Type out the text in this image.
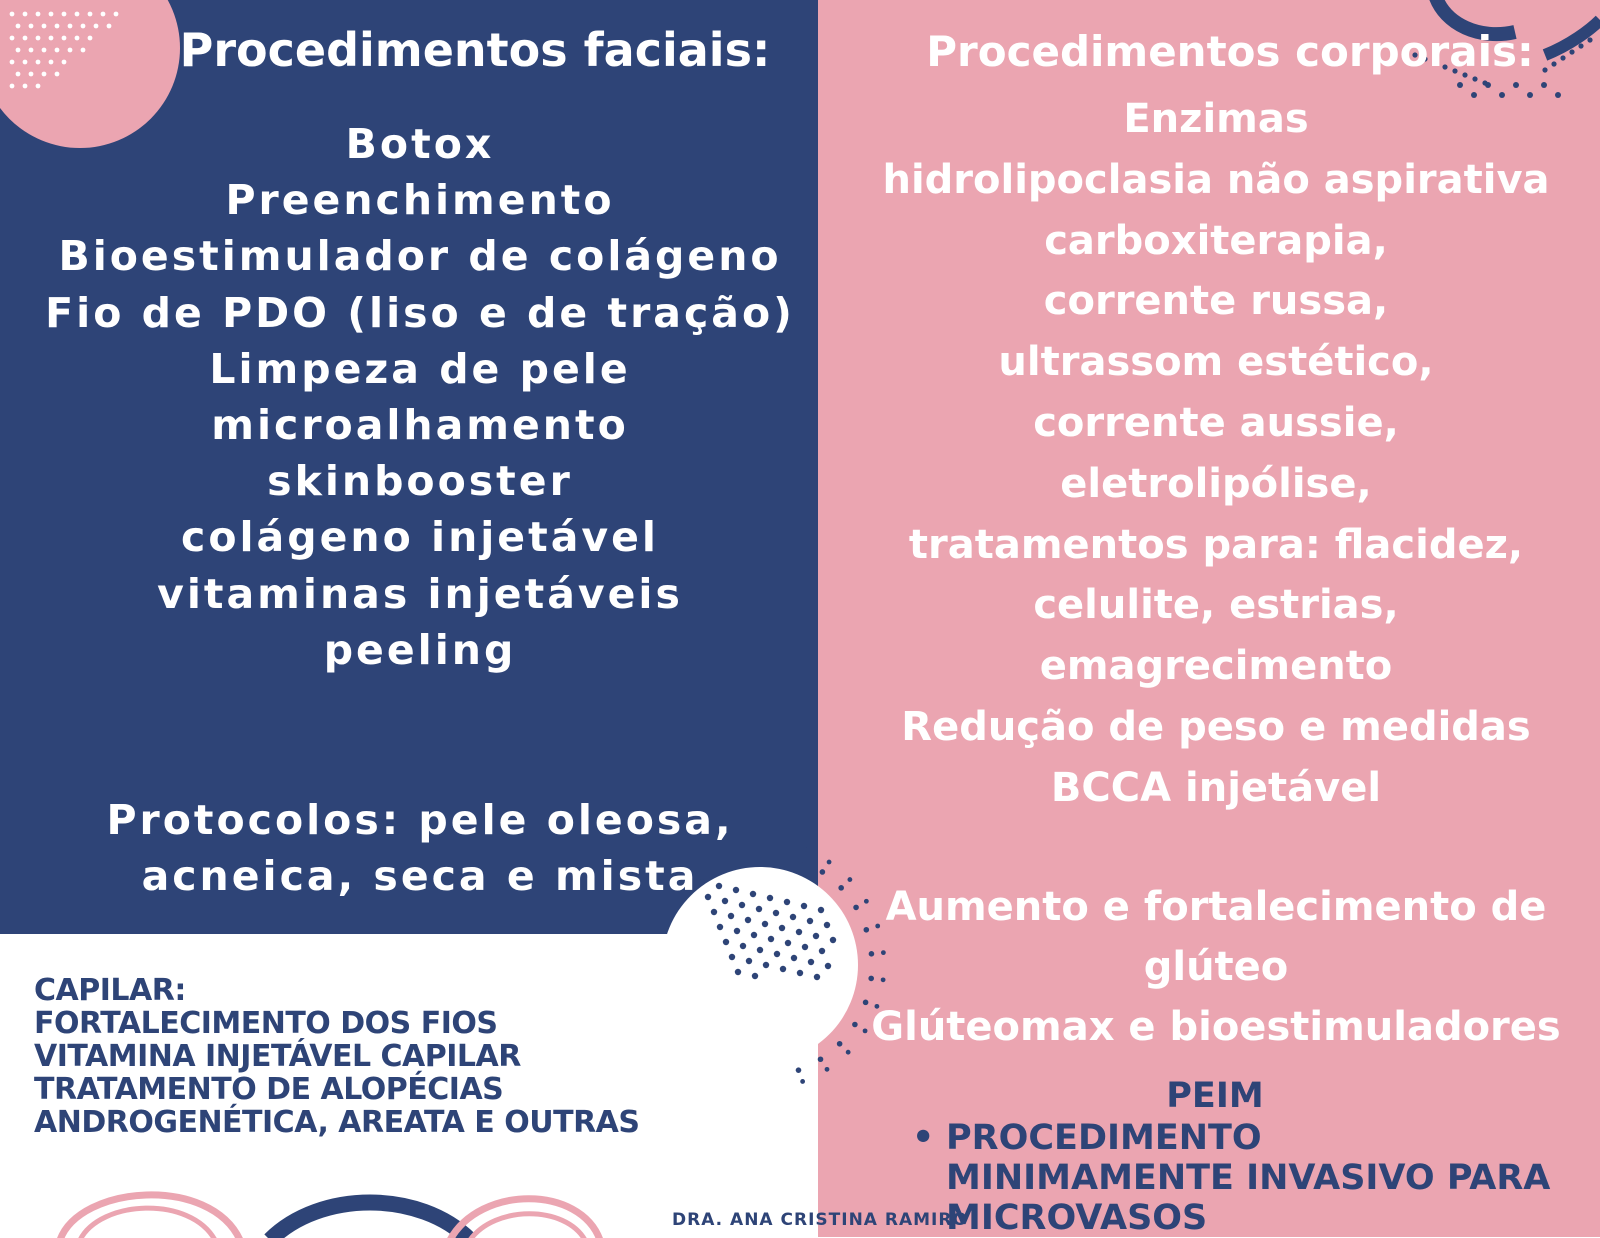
Procedimentos faciais:
Botox
Preenchimento
Bioestimulador de colágeno
Fio de PDO (liso e de tração)
Limpeza de pele
microalhamento
skinbooster
colágeno injetável
vitaminas injetáveis
peeling
Protocolos: pele oleosa,
acneica, seca e mista
Procedimentos corporais:
Enzimas
hidrolipoclasia não aspirativa
carboxiterapia,
corrente russa,
ultrassom estético,
corrente aussie,
eletrolipólise,
tratamentos para: flacidez,
celulite, estrias,
emagrecimento
Redução de peso e medidas
BCCA injetável
Aumento e fortalecimento de
glúteo
Glúteomax e bioestimuladores
CAPILAR:
FORTALECIMENTO DOS FIOS
VITAMINA INJETÁVEL CAPILAR
TRATAMENTO DE ALOPÉCIAS
ANDROGENÉTICA, AREATA E OUTRAS
PEIM
• PROCEDIMENTO MINIMAMENTE INVASIVO PARA MICROVASOS
DRA. ANA CRISTINA RAMIRO
